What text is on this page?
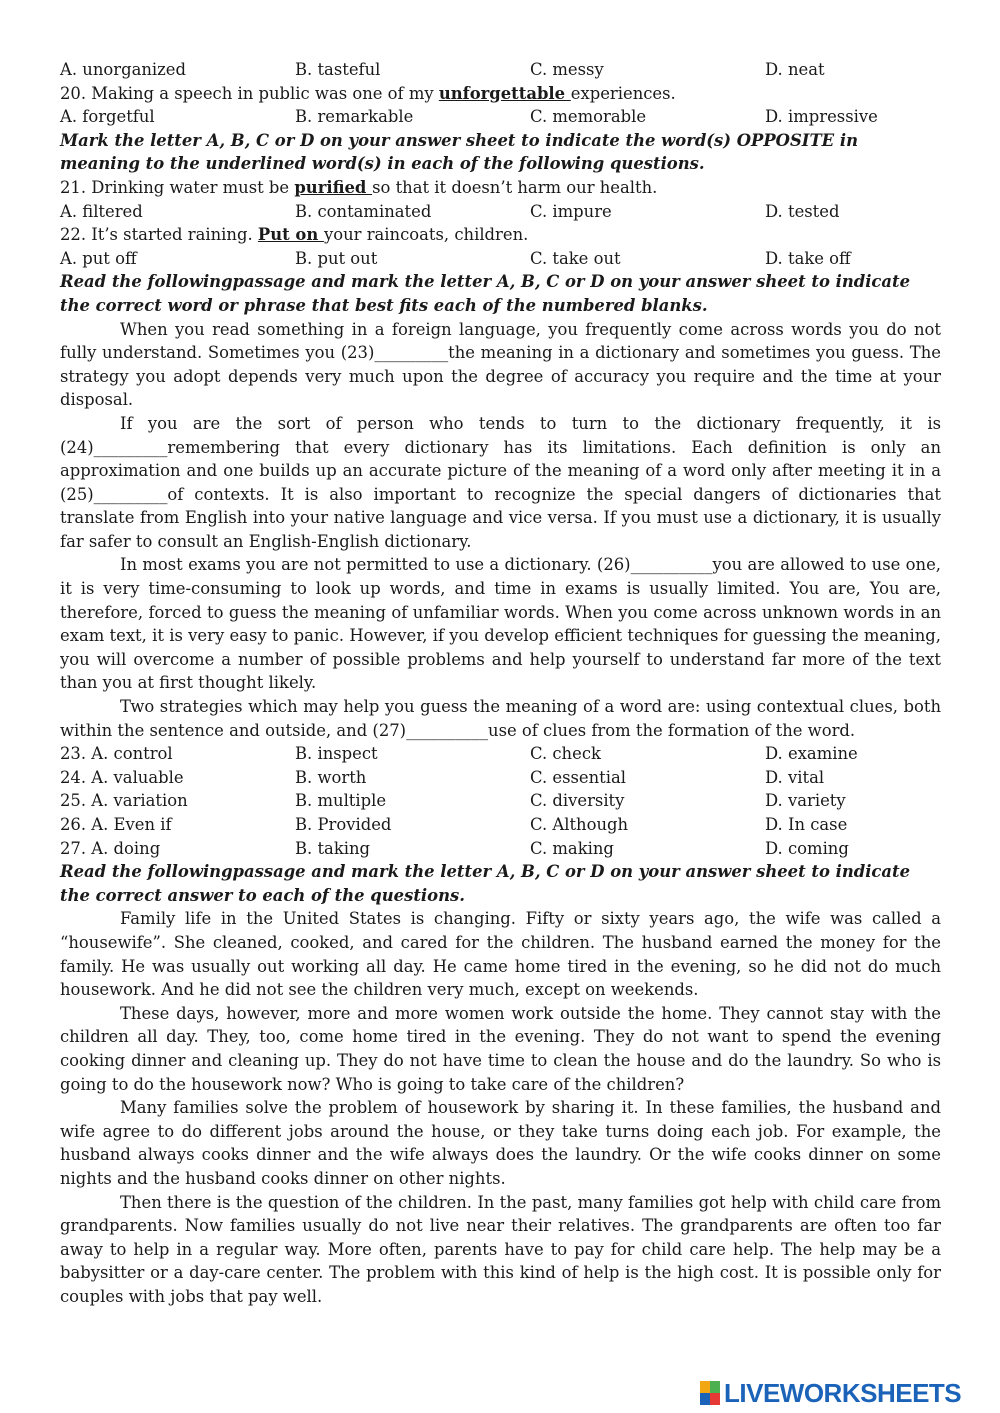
A. unorganized	B. tasteful	C. messy	D. neat
20. Making a speech in public was one of my unforgettable experiences.
A. forgetful	B. remarkable	C. memorable	D. impressive
Mark the letter A, B, C or D on your answer sheet to indicate the word(s) OPPOSITE in meaning to the underlined word(s) in each of the following questions.
21. Drinking water must be purified so that it doesn’t harm our health.
A. filtered	B. contaminated	C. impure	D. tested
22. It’s started raining. Put on your raincoats, children.
A. put off	B. put out	C. take out	D. take off
Read the followingpassage and mark the letter A, B, C or D on your answer sheet to indicate the correct word or phrase that best fits each of the numbered blanks.
When you read something in a foreign language, you frequently come across words you do not fully understand. Sometimes you (23)_________the meaning in a dictionary and sometimes you guess. The strategy you adopt depends very much upon the degree of accuracy you require and the time at your disposal.
If you are the sort of person who tends to turn to the dictionary frequently, it is (24)_________remembering that every dictionary has its limitations. Each definition is only an approximation and one builds up an accurate picture of the meaning of a word only after meeting it in a (25)_________of contexts. It is also important to recognize the special dangers of dictionaries that translate from English into your native language and vice versa. If you must use a dictionary, it is usually far safer to consult an English-English dictionary.
In most exams you are not permitted to use a dictionary. (26)__________you are allowed to use one, it is very time-consuming to look up words, and time in exams is usually limited. You are, You are, therefore, forced to guess the meaning of unfamiliar words. When you come across unknown words in an exam text, it is very easy to panic. However, if you develop efficient techniques for guessing the meaning, you will overcome a number of possible problems and help yourself to understand far more of the text than you at first thought likely.
Two strategies which may help you guess the meaning of a word are: using contextual clues, both within the sentence and outside, and (27)__________use of clues from the formation of the word.
23. A. control	B. inspect	C. check	D. examine
24. A. valuable	B. worth	C. essential	D. vital
25. A. variation	B. multiple	C. diversity	D. variety
26. A. Even if	B. Provided	C. Although	D. In case
27. A. doing	B. taking	C. making	D. coming
Read the followingpassage and mark the letter A, B, C or D on your answer sheet to indicate the correct answer to each of the questions.
Family life in the United States is changing. Fifty or sixty years ago, the wife was called a “housewife”. She cleaned, cooked, and cared for the children. The husband earned the money for the family. He was usually out working all day. He came home tired in the evening, so he did not do much housework. And he did not see the children very much, except on weekends.
These days, however, more and more women work outside the home. They cannot stay with the children all day. They, too, come home tired in the evening. They do not want to spend the evening cooking dinner and cleaning up. They do not have time to clean the house and do the laundry. So who is going to do the housework now? Who is going to take care of the children?
Many families solve the problem of housework by sharing it. In these families, the husband and wife agree to do different jobs around the house, or they take turns doing each job. For example, the husband always cooks dinner and the wife always does the laundry. Or the wife cooks dinner on some nights and the husband cooks dinner on other nights.
Then there is the question of the children. In the past, many families got help with child care from grandparents. Now families usually do not live near their relatives. The grandparents are often too far away to help in a regular way. More often, parents have to pay for child care help. The help may be a babysitter or a day-care center. The problem with this kind of help is the high cost. It is possible only for couples with jobs that pay well.
LIVEWORKSHEETS
